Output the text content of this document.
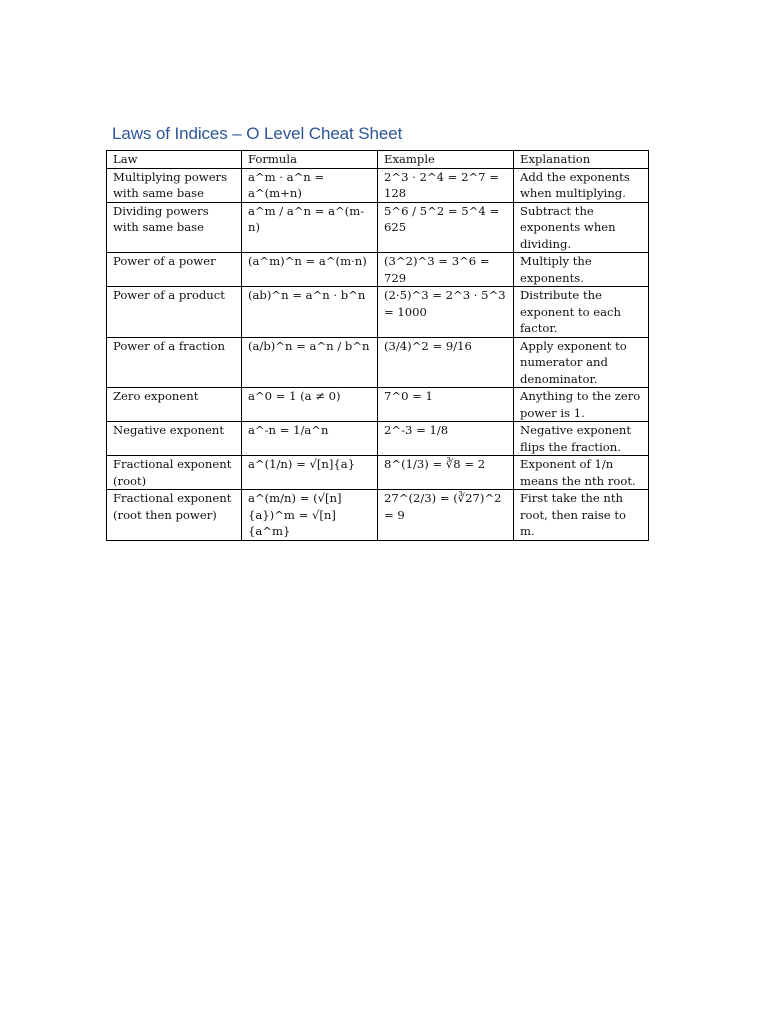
Laws of Indices – O Level Cheat Sheet
Law	Formula	Example	Explanation
Multiplying powers with same base	a^m · a^n = a^(m+n)	2^3 · 2^4 = 2^7 = 128	Add the exponents when multiplying.
Dividing powers with same base	a^m / a^n = a^(m-n)	5^6 / 5^2 = 5^4 = 625	Subtract the exponents when dividing.
Power of a power	(a^m)^n = a^(m·n)	(3^2)^3 = 3^6 = 729	Multiply the exponents.
Power of a product	(ab)^n = a^n · b^n	(2·5)^3 = 2^3 · 5^3 = 1000	Distribute the exponent to each factor.
Power of a fraction	(a/b)^n = a^n / b^n	(3/4)^2 = 9/16	Apply exponent to numerator and denominator.
Zero exponent	a^0 = 1 (a ≠ 0)	7^0 = 1	Anything to the zero power is 1.
Negative exponent	a^-n = 1/a^n	2^-3 = 1/8	Negative exponent flips the fraction.
Fractional exponent (root)	a^(1/n) = √[n]{a}	8^(1/3) = ∛8 = 2	Exponent of 1/n means the nth root.
Fractional exponent (root then power)	a^(m/n) = (√[n]{a})^m = √[n]{a^m}	27^(2/3) = (∛27)^2 = 9	First take the nth root, then raise to m.
